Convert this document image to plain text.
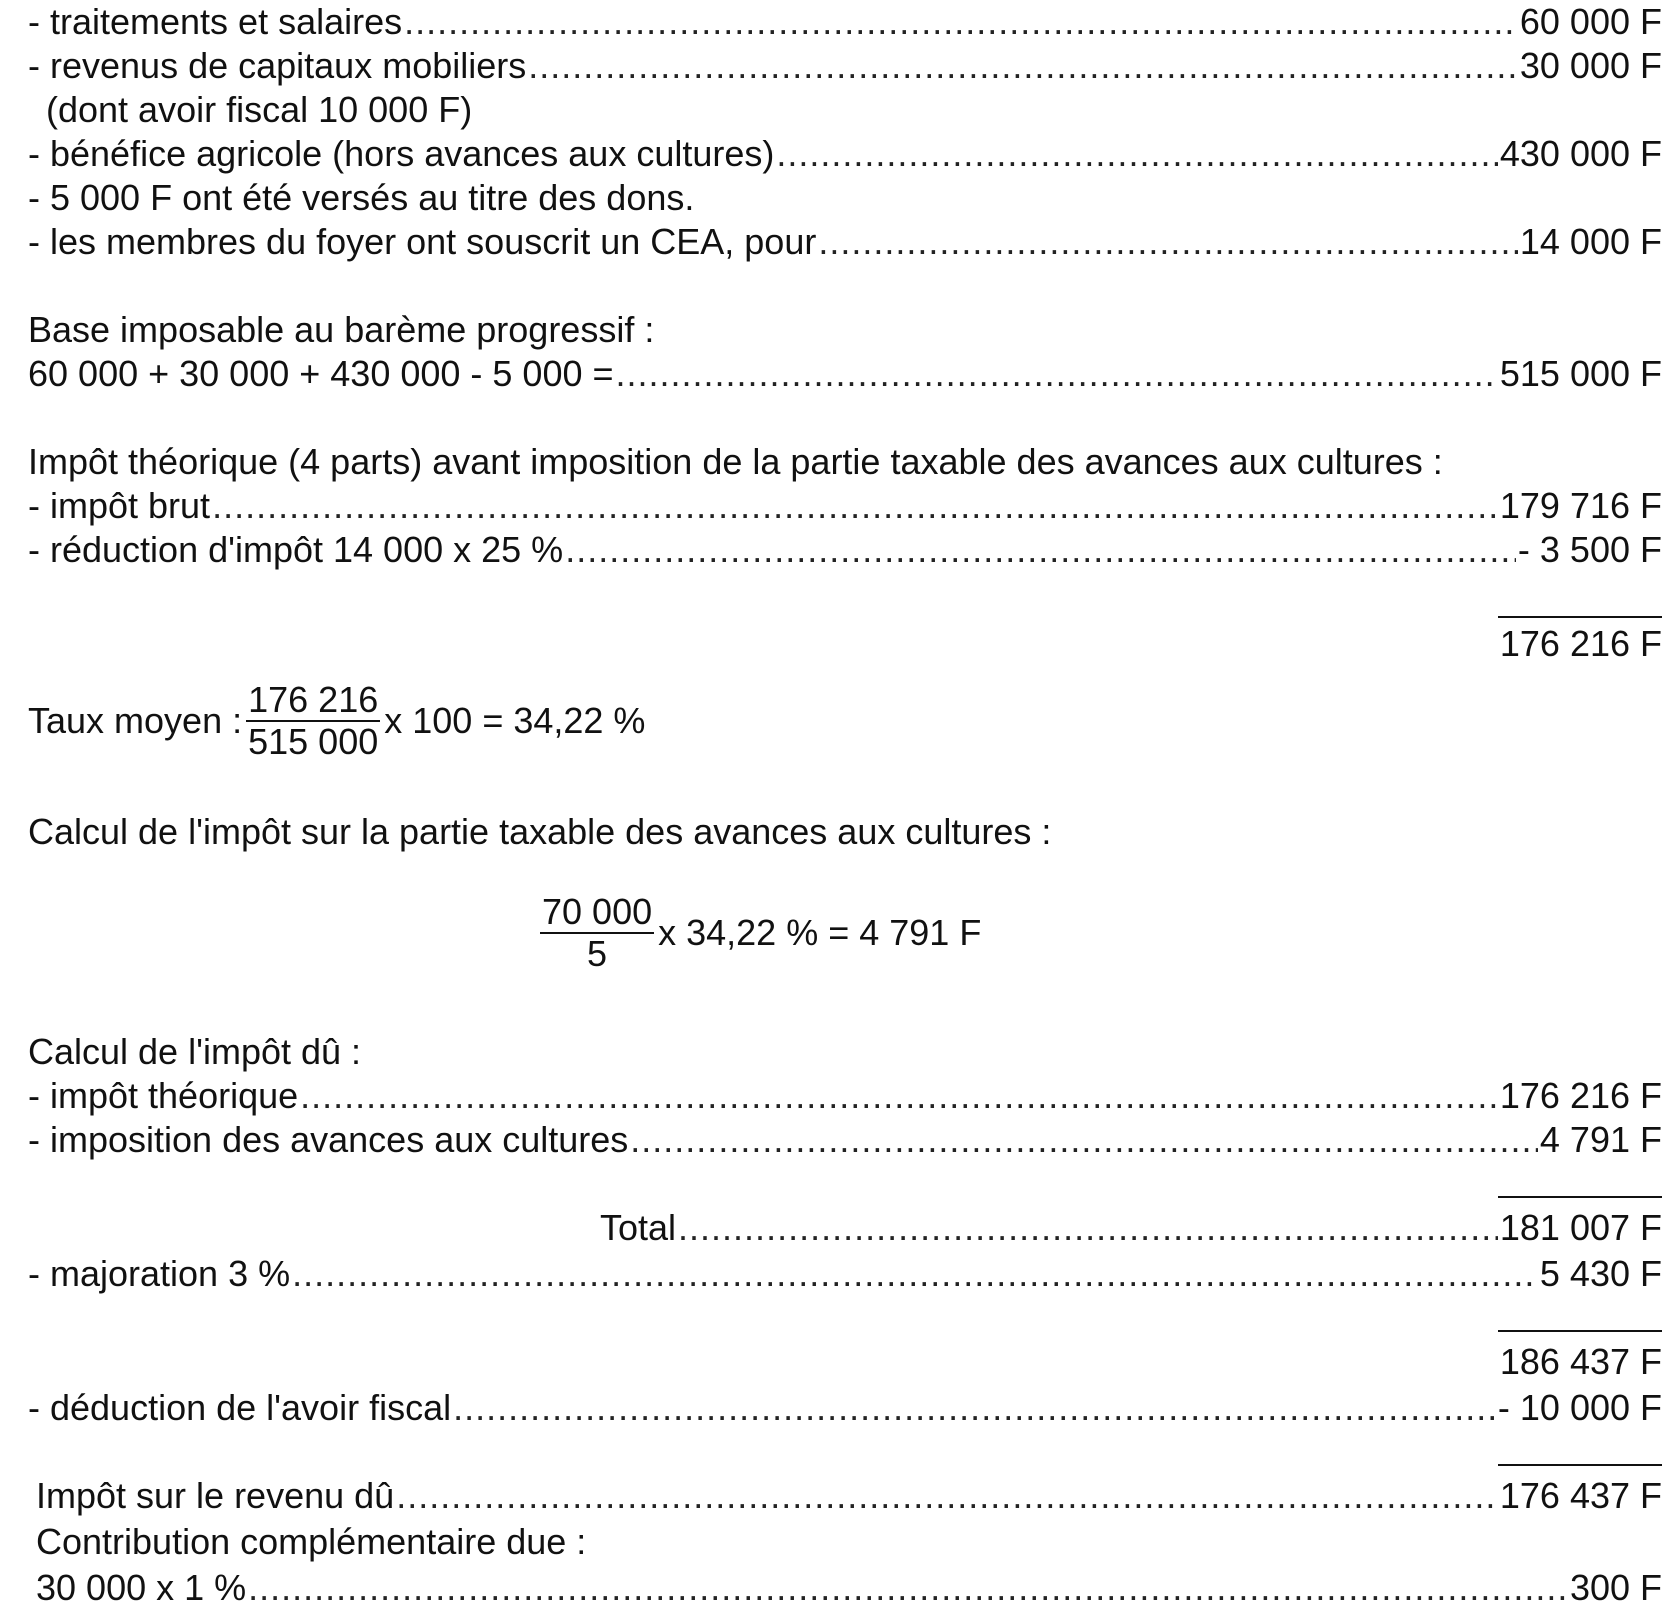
- traitements et salaires .....	60 000 F
- revenus de capitaux mobiliers .....	30 000 F
(dont avoir fiscal 10 000 F)
- bénéfice agricole (hors avances aux cultures) .....	430 000 F
- 5 000 F ont été versés au titre des dons.
- les membres du foyer ont souscrit un CEA, pour .....	14 000 F
Base imposable au barème progressif :
60 000 + 30 000 + 430 000 - 5 000 = .....	515 000 F
Impôt théorique (4 parts) avant imposition de la partie taxable des avances aux cultures :
- impôt brut .....	179 716 F
- réduction d'impôt 14 000 x 25 % .....	- 3 500 F
176 216 F
Taux moyen : $\frac{176 216}{515 000}$ x 100 = 34,22 %
Calcul de l'impôt sur la partie taxable des avances aux cultures :
$\frac{70 000}{5}$ x 34,22 % = 4 791 F
Calcul de l'impôt dû :
- impôt théorique .....	176 216 F
- imposition des avances aux cultures .....	4 791 F
Total .....	181 007 F
- majoration 3 % .....	5 430 F
186 437 F
- déduction de l'avoir fiscal .....	- 10 000 F
Impôt sur le revenu dû .....	176 437 F
Contribution complémentaire due :
30 000 x 1 % .....	300 F
